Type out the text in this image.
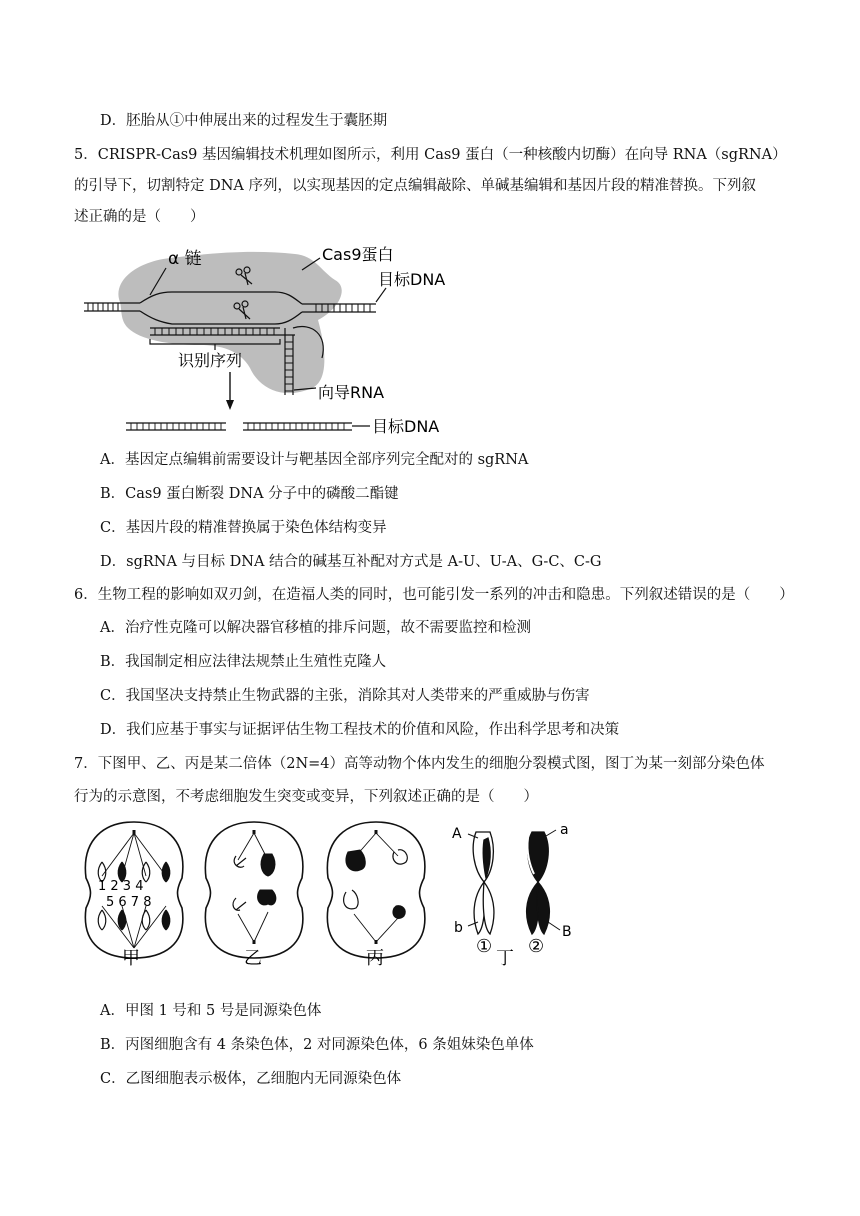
D．胚胎从①中伸展出来的过程发生于囊胚期
5．CRISPR-Cas9 基因编辑技术机理如图所示，利用 Cas9 蛋白（一种核酸内切酶）在向导 RNA（sgRNA）
的引导下，切割特定 DNA 序列，以实现基因的定点编辑敲除、单碱基编辑和基因片段的精准替换。下列叙
述正确的是（　　）
α 链	Cas9蛋白
目标DNA
识别序列
向导RNA
目标DNA
A．基因定点编辑前需要设计与靶基因全部序列完全配对的 sgRNA
B．Cas9 蛋白断裂 DNA 分子中的磷酸二酯键
C．基因片段的精准替换属于染色体结构变异
D．sgRNA 与目标 DNA 结合的碱基互补配对方式是 A-U、U-A、G-C、C-G
6．生物工程的影响如双刃剑，在造福人类的同时，也可能引发一系列的冲击和隐患。下列叙述错误的是（　　）
A．治疗性克隆可以解决器官移植的排斥问题，故不需要监控和检测
B．我国制定相应法律法规禁止生殖性克隆人
C．我国坚决支持禁止生物武器的主张，消除其对人类带来的严重威胁与伤害
D．我们应基于事实与证据评估生物工程技术的价值和风险，作出科学思考和决策
7．下图甲、乙、丙是某二倍体（2N=4）高等动物个体内发生的细胞分裂模式图，图丁为某一刻部分染色体
行为的示意图，不考虑细胞发生突变或变异，下列叙述正确的是（　　）
1 2 3 4
5 6 7 8
甲	乙	丙
A	a
b	B
① ②
丁
A．甲图 1 号和 5 号是同源染色体
B．丙图细胞含有 4 条染色体，2 对同源染色体，6 条姐妹染色单体
C．乙图细胞表示极体，乙细胞内无同源染色体
